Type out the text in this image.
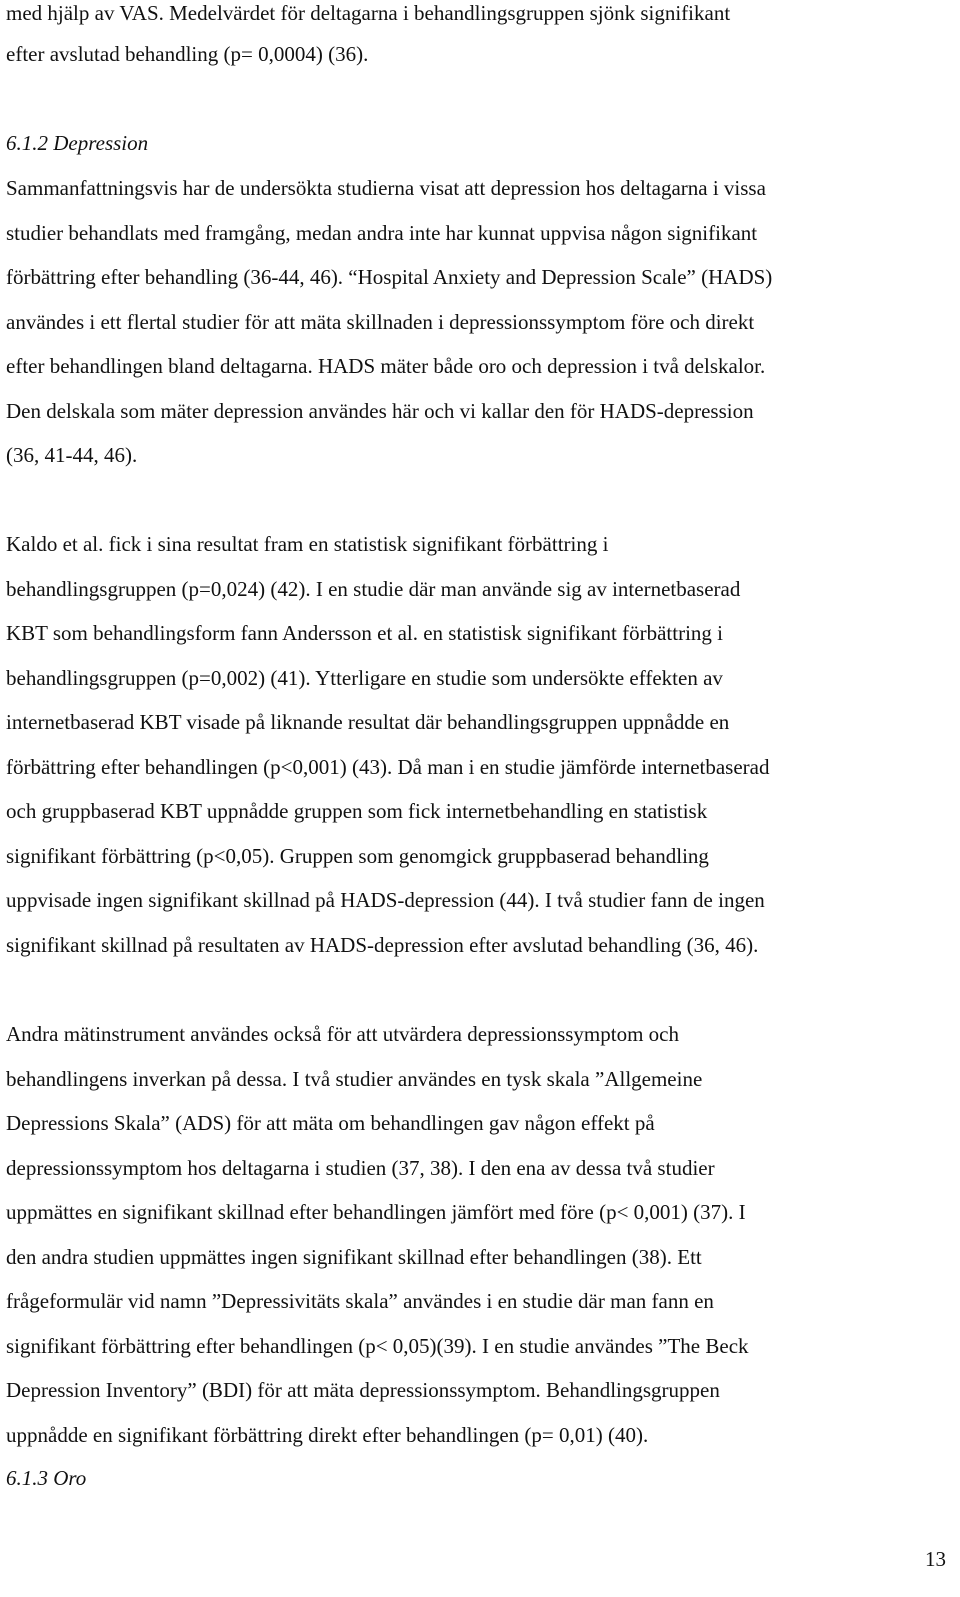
med hjälp av VAS. Medelvärdet för deltagarna i behandlingsgruppen sjönk signifikant
efter avslutad behandling (p= 0,0004) (36).
6.1.2 Depression
Sammanfattningsvis har de undersökta studierna visat att depression hos deltagarna i vissa
studier behandlats med framgång, medan andra inte har kunnat uppvisa någon signifikant
förbättring efter behandling (36-44, 46). “Hospital Anxiety and Depression Scale” (HADS)
användes i ett flertal studier för att mäta skillnaden i depressionssymptom före och direkt
efter behandlingen bland deltagarna. HADS mäter både oro och depression i två delskalor.
Den delskala som mäter depression användes här och vi kallar den för HADS-depression
(36, 41-44, 46).
Kaldo et al. fick i sina resultat fram en statistisk signifikant förbättring i
behandlingsgruppen (p=0,024) (42). I en studie där man använde sig av internetbaserad
KBT som behandlingsform fann Andersson et al. en statistisk signifikant förbättring i
behandlingsgruppen (p=0,002) (41). Ytterligare en studie som undersökte effekten av
internetbaserad KBT visade på liknande resultat där behandlingsgruppen uppnådde en
förbättring efter behandlingen (p<0,001) (43). Då man i en studie jämförde internetbaserad
och gruppbaserad KBT uppnådde gruppen som fick internetbehandling en statistisk
signifikant förbättring (p<0,05). Gruppen som genomgick gruppbaserad behandling
uppvisade ingen signifikant skillnad på HADS-depression (44). I två studier fann de ingen
signifikant skillnad på resultaten av HADS-depression efter avslutad behandling (36, 46).
Andra mätinstrument användes också för att utvärdera depressionssymptom och
behandlingens inverkan på dessa. I två studier användes en tysk skala ”Allgemeine
Depressions Skala” (ADS) för att mäta om behandlingen gav någon effekt på
depressionssymptom hos deltagarna i studien (37, 38). I den ena av dessa två studier
uppmättes en signifikant skillnad efter behandlingen jämfört med före (p< 0,001) (37). I
den andra studien uppmättes ingen signifikant skillnad efter behandlingen (38). Ett
frågeformulär vid namn ”Depressivitäts skala” användes i en studie där man fann en
signifikant förbättring efter behandlingen (p< 0,05)(39). I en studie användes ”The Beck
Depression Inventory” (BDI) för att mäta depressionssymptom. Behandlingsgruppen
uppnådde en signifikant förbättring direkt efter behandlingen (p= 0,01) (40).
6.1.3 Oro
13
